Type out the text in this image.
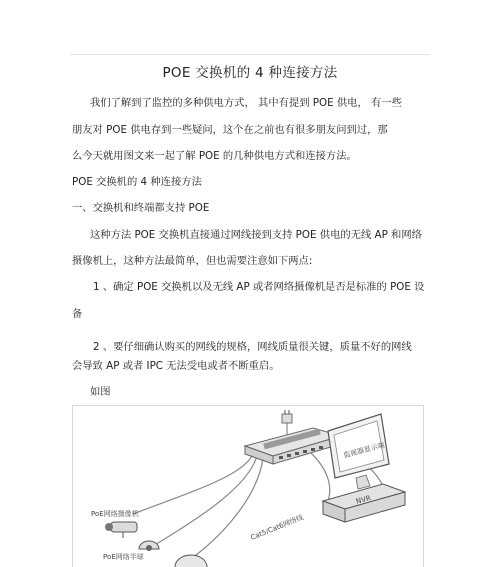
POE 交换机的 4 种连接方法
我们了解到了监控的多种供电方式， 其中有提到 POE 供电， 有一些
朋友对 POE 供电存到一些疑问，这个在之前也有很多朋友问到过，那
么今天就用图文来一起了解 POE 的几种供电方式和连接方法。
POE 交换机的 4 种连接方法
一、交换机和终端都支持 POE
这种方法 POE 交换机直接通过网线接到支持 POE 供电的无线 AP 和网络
摄像机上，这种方法最简单，但也需要注意如下两点:
1 、确定 POE 交换机以及无线 AP 或者网络摄像机是否是标准的 POE 设
备
2 、要仔细确认购买的网线的规格，网线质量很关键，质量不好的网线
会导致 AP 或者 IPC 无法受电或者不断重启。
如图
监视器显示端
NVR
Cat5/Cat6网络线
PoE网络摄像机
PoE网络半球
